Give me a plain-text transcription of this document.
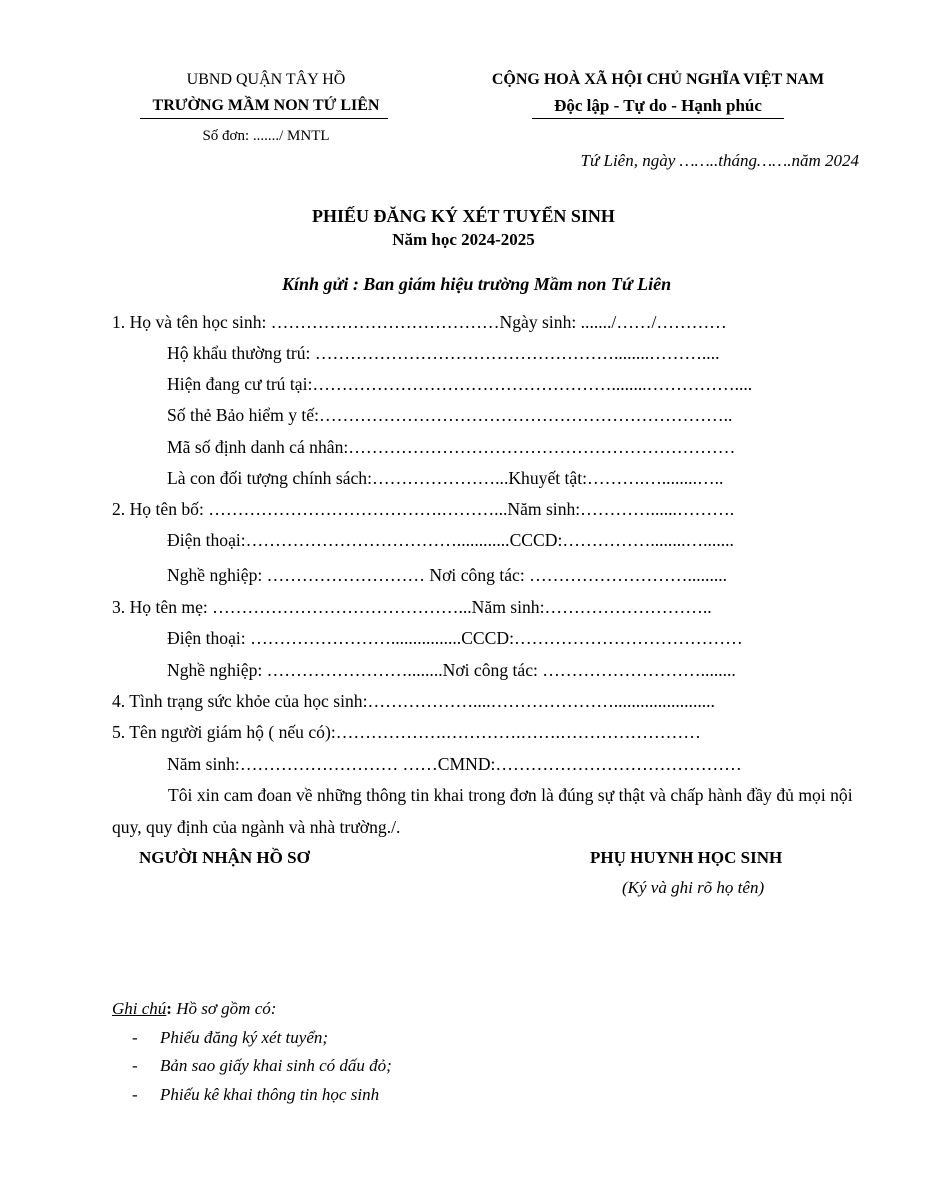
UBND QUẬN TÂY HỒ
TRƯỜNG MẦM NON TỨ LIÊN
Số đơn: ......./ MNTL
CỘNG HOÀ XÃ HỘI CHỦ NGHĨA VIỆT NAM
Độc lập - Tự do - Hạnh phúc
Tứ Liên, ngày ……..tháng…….năm 2024
PHIẾU ĐĂNG KÝ XÉT TUYỂN SINH
Năm học 2024-2025
Kính gửi : Ban giám hiệu trường Mầm non Tứ Liên
1. Họ và tên học sinh: …………………………………Ngày sinh: ......./……/…………
Hộ khẩu thường trú: ……………………………………………........………....
Hiện đang cư trú tại:……………………………………………........……………....
Số thẻ Bảo hiểm y tế:……………………………………………………………..
Mã số định danh cá nhân:…………………………………………………………
Là con đối tượng chính sách:…………………...Khuyết tật:……….…........…..
2. Họ tên bố: ………………………………….………...Năm sinh:…………......……….
Điện thoại:………………………………............CCCD:……………........….......
Nghề nghiệp: ……………………… Nơi công tác: ……………………….........
3. Họ tên mẹ: ……………………………………...Năm sinh:………………………..
Điện thoại: ……………………................CCCD:…………………………………
Nghề nghiệp: ……………………........Nơi công tác: ………………………........
4. Tình trạng sức khỏe của học sinh:………………....………………….......................
5. Tên người giám hộ ( nếu có):……………….………….…….……………………
Năm sinh:……………………… ……CMND:……………………………………
Tôi xin cam đoan về những thông tin khai trong đơn là đúng sự thật và chấp hành đầy đủ mọi nội quy, quy định của ngành và nhà trường./.
NGƯỜI NHẬN HỒ SƠ	PHỤ HUYNH HỌC SINH
(Ký và ghi rõ họ tên)
Ghi chú: Hồ sơ gồm có:
- Phiếu đăng ký xét tuyển;
- Bản sao giấy khai sinh có dấu đỏ;
- Phiếu kê khai thông tin học sinh
